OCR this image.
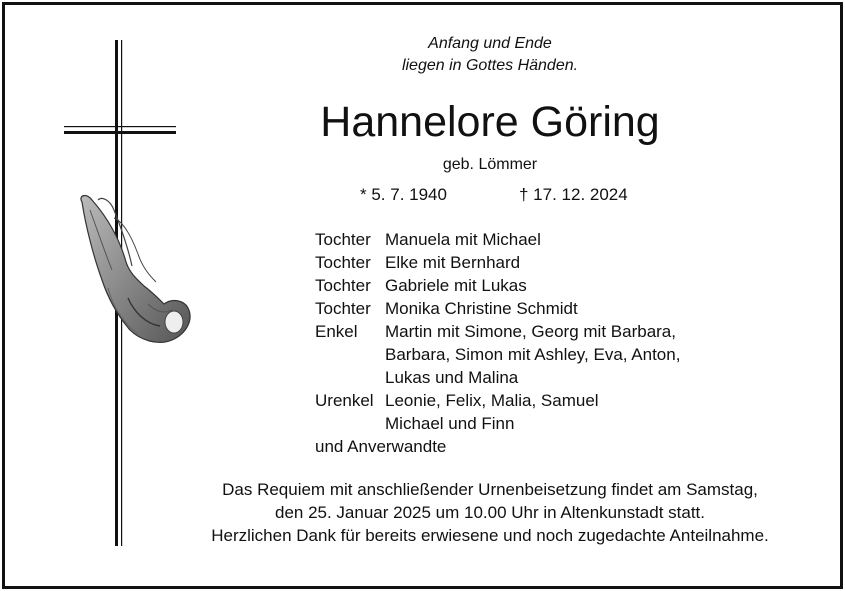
Anfang und Ende
liegen in Gottes Händen.
Hannelore Göring
geb. Lömmer
* 5. 7. 1940	† 17. 12. 2024
Tochter Manuela mit Michael
Tochter Elke mit Bernhard
Tochter Gabriele mit Lukas
Tochter Monika Christine Schmidt
Enkel	Martin mit Simone, Georg mit Barbara,
Barbara, Simon mit Ashley, Eva, Anton,
Lukas und Malina
Urenkel Leonie, Felix, Malia, Samuel
Michael und Finn
und Anverwandte
Das Requiem mit anschließender Urnenbeisetzung findet am Samstag,
den 25. Januar 2025 um 10.00 Uhr in Altenkunstadt statt.
Herzlichen Dank für bereits erwiesene und noch zugedachte Anteilnahme.
